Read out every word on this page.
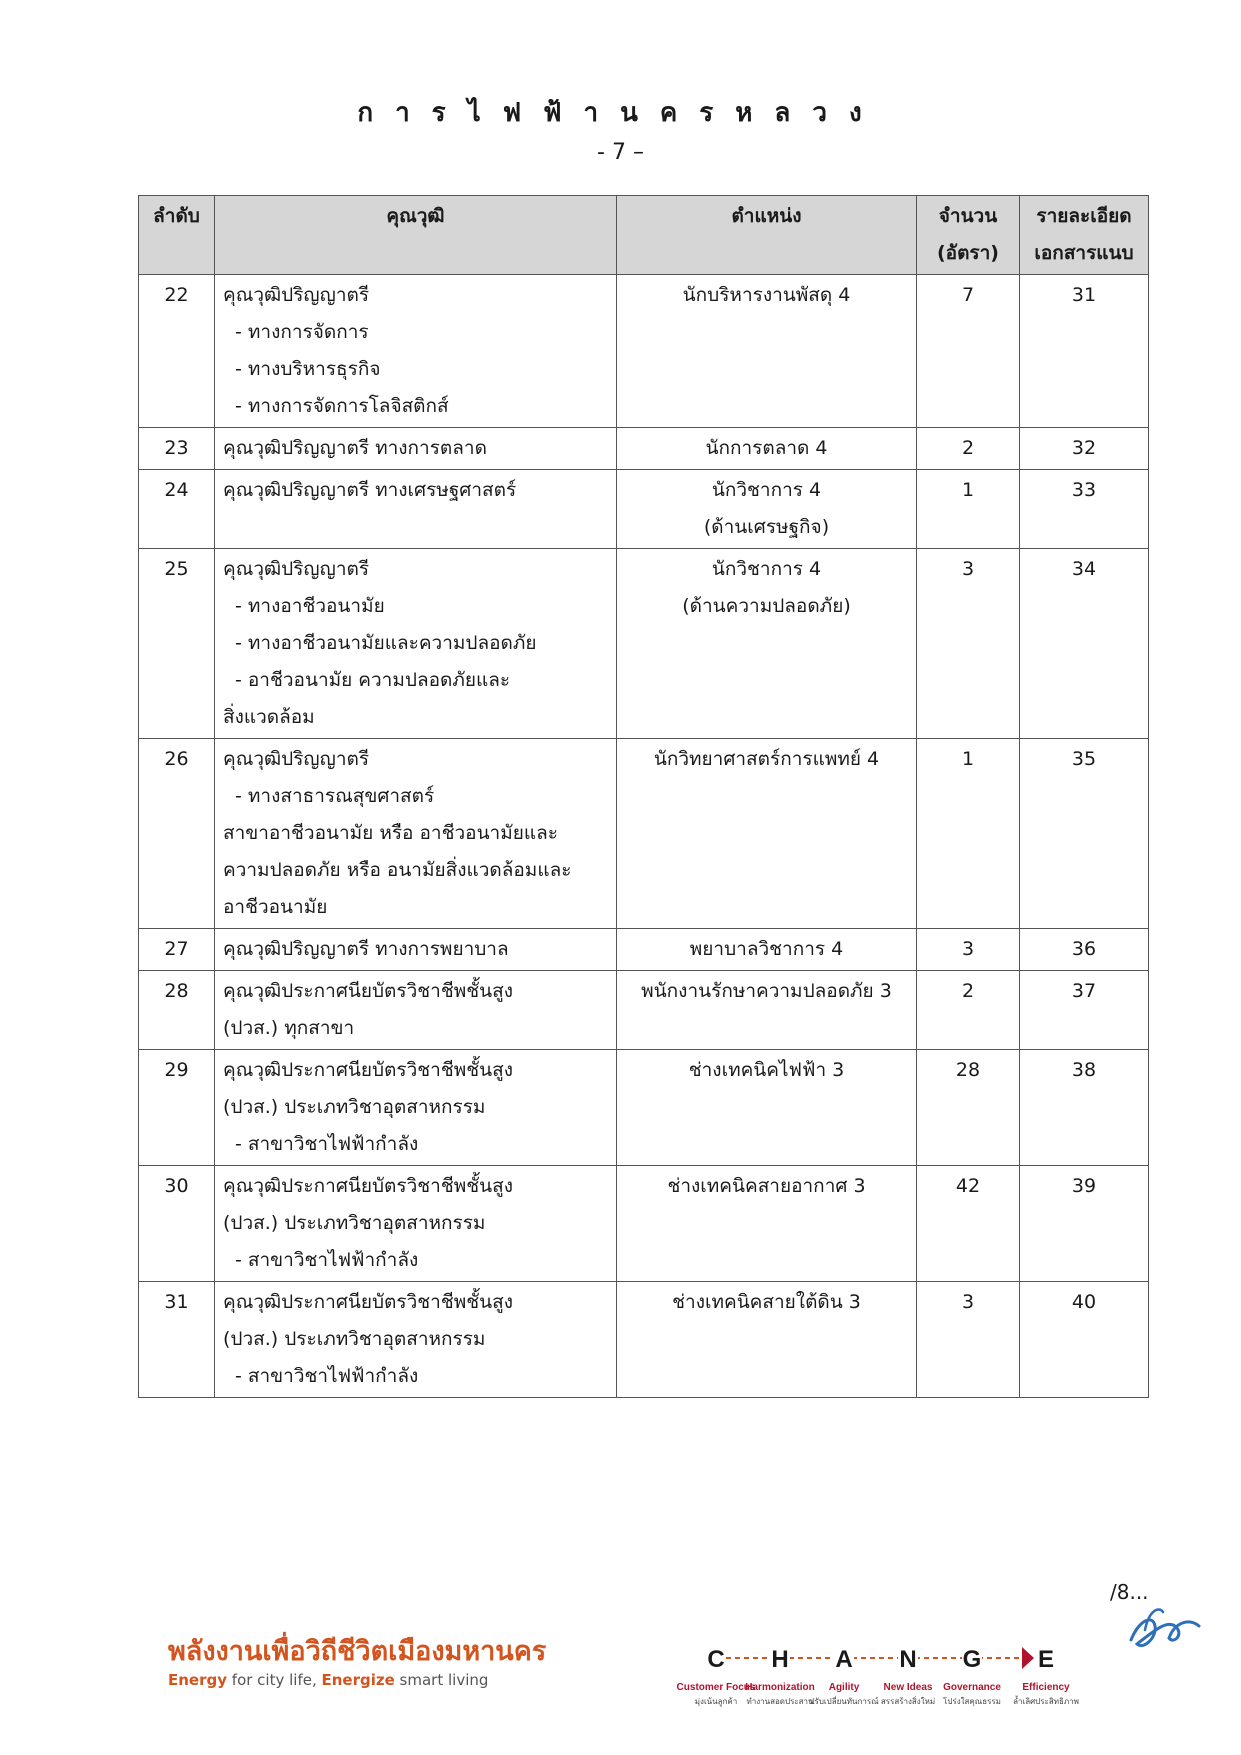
การไฟฟ้านครหลวง
- 7 –
ลำดับ	คุณวุฒิ	ตำแหน่ง	จำนวน
(อัตรา)	รายละเอียด
เอกสารแนบ

22	คุณวุฒิปริญญาตรี
- ทางการจัดการ
- ทางบริหารธุรกิจ
- ทางการจัดการโลจิสติกส์	นักบริหารงานพัสดุ 4	7	31
23	คุณวุฒิปริญญาตรี ทางการตลาด	นักการตลาด 4	2	32
24	คุณวุฒิปริญญาตรี ทางเศรษฐศาสตร์	นักวิชาการ 4
(ด้านเศรษฐกิจ)	1	33
25	คุณวุฒิปริญญาตรี
- ทางอาชีวอนามัย
- ทางอาชีวอนามัยและความปลอดภัย
- อาชีวอนามัย ความปลอดภัยและ
สิ่งแวดล้อม	นักวิชาการ 4
(ด้านความปลอดภัย)	3	34
26	คุณวุฒิปริญญาตรี
- ทางสาธารณสุขศาสตร์
สาขาอาชีวอนามัย หรือ อาชีวอนามัยและ
ความปลอดภัย หรือ อนามัยสิ่งแวดล้อมและ
อาชีวอนามัย	นักวิทยาศาสตร์การแพทย์ 4	1	35
27	คุณวุฒิปริญญาตรี ทางการพยาบาล	พยาบาลวิชาการ 4	3	36
28	คุณวุฒิประกาศนียบัตรวิชาชีพชั้นสูง
(ปวส.) ทุกสาขา	พนักงานรักษาความปลอดภัย 3	2	37
29	คุณวุฒิประกาศนียบัตรวิชาชีพชั้นสูง
(ปวส.) ประเภทวิชาอุตสาหกรรม
- สาขาวิชาไฟฟ้ากำลัง	ช่างเทคนิคไฟฟ้า 3	28	38
30	คุณวุฒิประกาศนียบัตรวิชาชีพชั้นสูง
(ปวส.) ประเภทวิชาอุตสาหกรรม
- สาขาวิชาไฟฟ้ากำลัง	ช่างเทคนิคสายอากาศ 3	42	39
31	คุณวุฒิประกาศนียบัตรวิชาชีพชั้นสูง
(ปวส.) ประเภทวิชาอุตสาหกรรม
- สาขาวิชาไฟฟ้ากำลัง	ช่างเทคนิคสายใต้ดิน 3	3	40
/8...
พลังงานเพื่อวิถีชีวิตเมืองมหานคร
Energy for city life, Energize smart living
C
Customer Focus
มุ่งเน้นลูกค้า
H
Harmonization
ทำงานสอดประสาน
A
Agility
ปรับเปลี่ยนทันการณ์
N
New Ideas
สรรสร้างสิ่งใหม่
G
Governance
โปร่งใสคุณธรรม
E
Efficiency
ล้ำเลิศประสิทธิภาพ
